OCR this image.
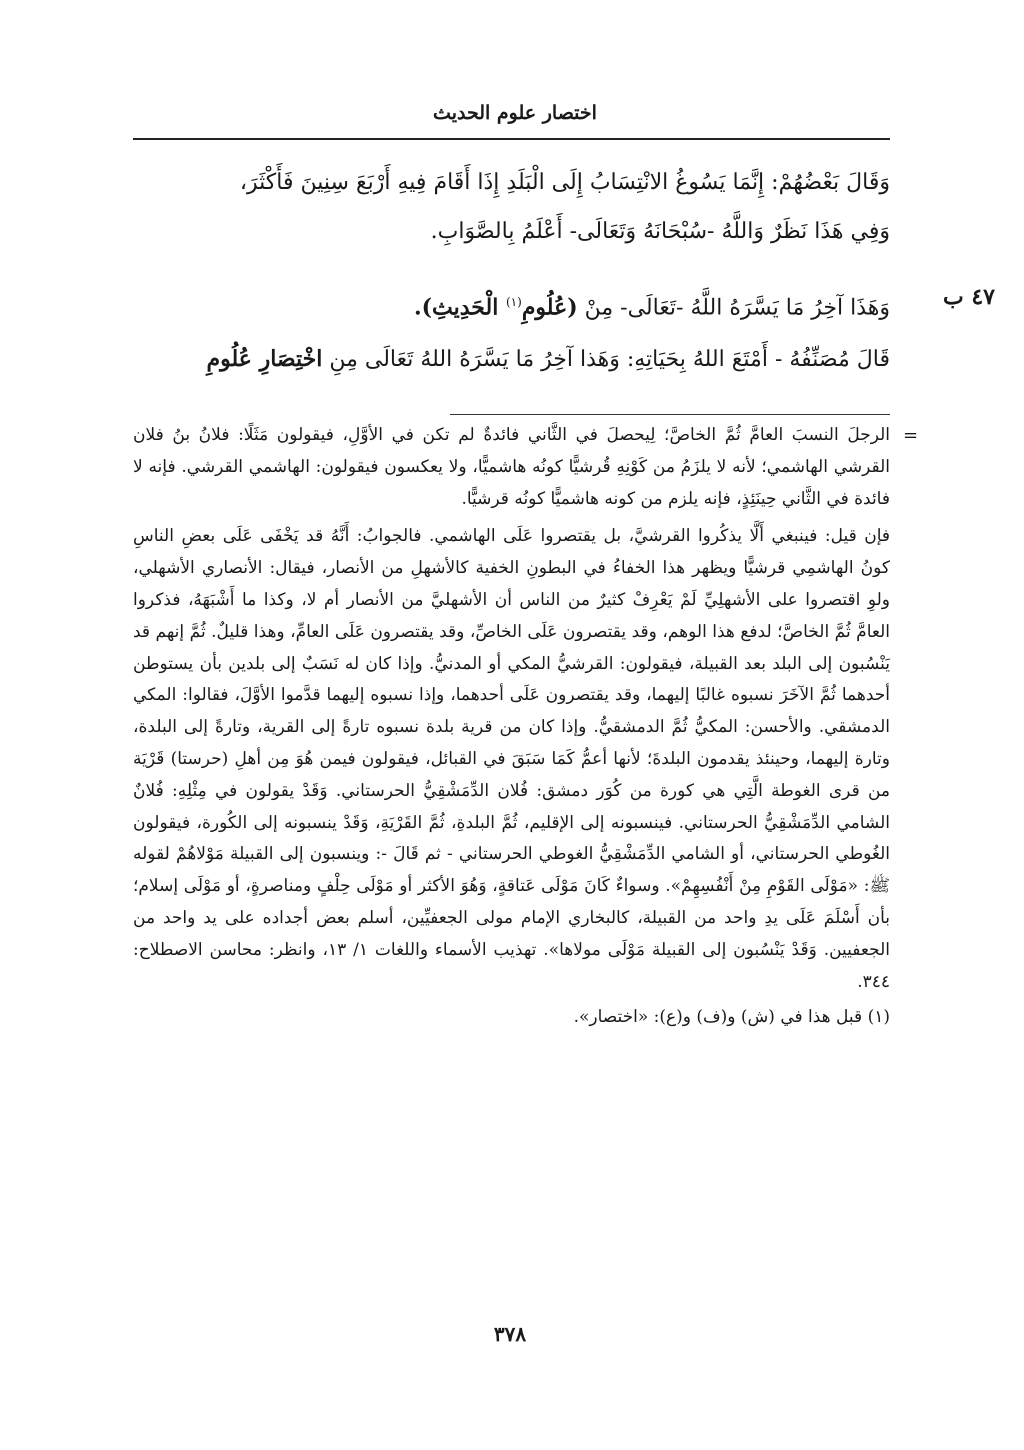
اختصار علوم الحديث

وَقَالَ بَعْضُهُمْ: إِنَّمَا يَسُوغُ الانْتِسَابُ إِلَى الْبَلَدِ إِذَا أَقَامَ فِيهِ أَرْبَعَ سِنِينَ فَأَكْثَرَ،

وَفِي هَذَا نَظَرٌ وَاللَّهُ -سُبْحَانَهُ وَتَعَالَى- أَعْلَمُ بِالصَّوَابِ.

وَهَذَا آخِرُ مَا يَسَّرَهُ اللَّهُ -تَعَالَى- مِنْ (عُلُومِ$^{(١)}$ الْحَدِيثِ).	٤٧ ب

قَالَ مُصَنِّفُهُ - أَمْتَعَ اللهُ بِحَيَاتِهِ: وَهَذا آخِرُ مَا يَسَّرَهُ اللهُ تَعَالَى مِنِ اخْتِصَارِ عُلُومِ

=

الرجلَ النسبَ العامَّ ثُمَّ الخاصَّ؛ لِيحصلَ في الثَّاني فائدةٌ لم تكن في الأوَّلِ، فيقولون مَثَلًا: فلانُ بنُ فلان القرشي الهاشمي؛ لأنه لا يلزَمُ من كَوْنِهِ قُرشيًّا كونُه هاشميًّا، ولا يعكسون فيقولون: الهاشمي القرشي. فإنه لا فائدة في الثَّاني حِينَئِذٍ، فإنه يلزم من كونه هاشميًّا كونُه قرشيًّا.

فإن قيل: فينبغي أَلَّا يذكُروا القرشيَّ، بل يقتصروا عَلَى الهاشمي. فالجوابُ: أَنَّهُ قد يَخْفَى عَلَى بعضِ الناسِ كونُ الهاشمِي قرشيًّا ويظهر هذا الخفاءُ في البطونِ الخفية كالأشهلِ من الأنصار، فيقال: الأنصاري الأشهلي، ولوِ اقتصروا على الأشهلِيِّ لَمْ يَعْرِفْ كثيرٌ من الناس أن الأشهليَّ من الأنصار أم لا، وكذا ما أَشْبَهَهُ، فذكروا العامَّ ثُمَّ الخاصَّ؛ لدفع هذا الوهم، وقد يقتصرون عَلَى الخاصِّ، وقد يقتصرون عَلَى العامِّ، وهذا قليلٌ. ثُمَّ إنهم قد يَنْسُبون إلى البلد بعد القبيلة، فيقولون: القرشيُّ المكي أو المدنيُّ. وإذا كان له نَسَبٌ إلى بلدين بأن يستوطن أحدهما ثُمَّ الآخَرَ نسبوه غالبًا إليهما، وقد يقتصرون عَلَى أحدهما، وإذا نسبوه إليهما قدَّموا الأوَّلَ، فقالوا: المكي الدمشقي. والأحسن: المكيُّ ثُمَّ الدمشقيُّ. وإذا كان من قرية بلدة نسبوه تارةً إلى القرية، وتارةً إلى البلدة، وتارة إليهما، وحينئذ يقدمون البلدةَ؛ لأنها أعمُّ كَمَا سَبَقَ في القبائل، فيقولون فيمن هُوَ مِن أهلِ (حرستا) قَرْيَة من قرى الغوطة الَّتِي هي كورة من كُوَر دمشق: فُلان الدِّمَشْقِيُّ الحرستاني. وَقَدْ يقولون في مِثْلِهِ: فُلانٌ الشامي الدِّمَشْقِيُّ الحرستاني. فينسبونه إلى الإقليم، ثُمَّ البلدةِ، ثُمَّ القَرْيَةِ، وَقَدْ ينسبونه إلى الكُورة، فيقولون الغُوطي الحرستاني، أو الشامي الدِّمَشْقِيُّ الغوطي الحرستاني - ثم قَالَ -: وينسبون إلى القبيلة مَوْلاهُمْ لقوله ﷺ: «مَوْلَى القَوْمِ مِنْ أَنْفُسِهِمْ». وسواءٌ كَانَ مَوْلَى عَتاقةٍ، وَهُوَ الأكثر أو مَوْلَى حِلْفٍ ومناصرةٍ، أو مَوْلَى إسلام؛ بأن أَسْلَمَ عَلَى يدِ واحد من القبيلة، كالبخاري الإمام مولى الجعفيِّين، أسلم بعض أجداده على يد واحد من الجعفيين. وَقَدْ يَنْسُبون إلى القبيلة مَوْلَى مولاها». تهذيب الأسماء واللغات ١/ ١٣، وانظر: محاسن الاصطلاح: ٣٤٤.

(١) قبل هذا في (ش) و(ف) و(ع): «اختصار».

٣٧٨
